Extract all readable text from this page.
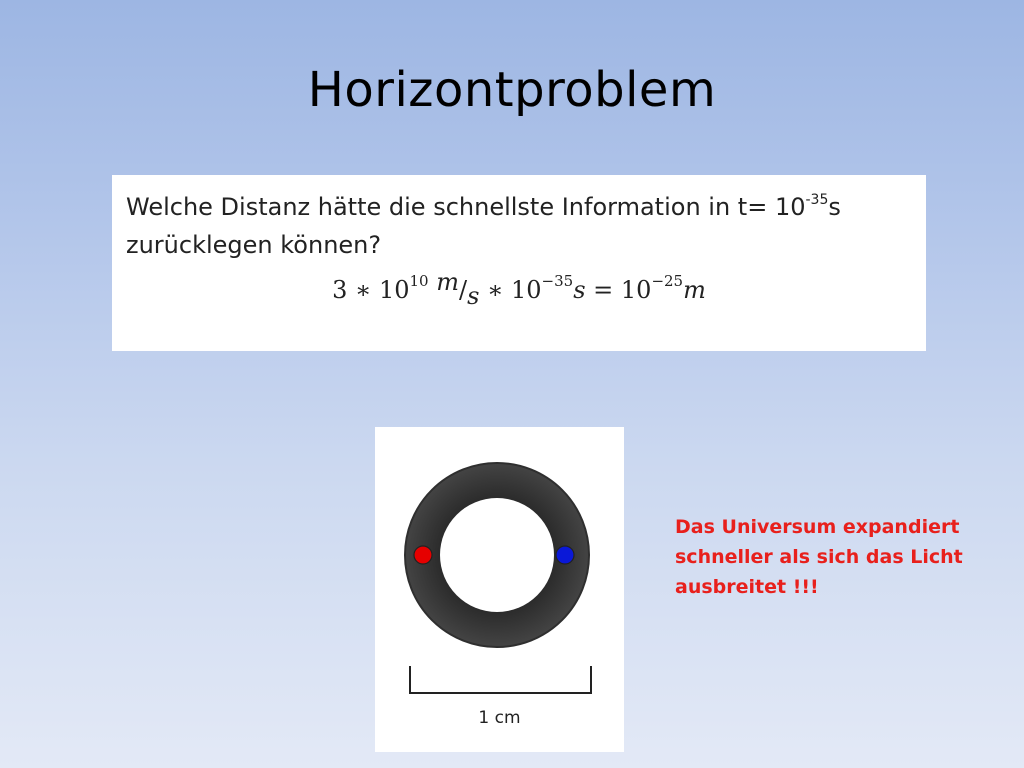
Horizontproblem
Welche Distanz hätte die schnellste Information in $t= 10^{-35}s$
zurücklegen können?
3 ∗ $10^{10}$ m/s ∗ $10^{-35}s = 10^{-25}m$
1 cm
Das Universum expandiert
schneller als sich das Licht
ausbreitet !!!
